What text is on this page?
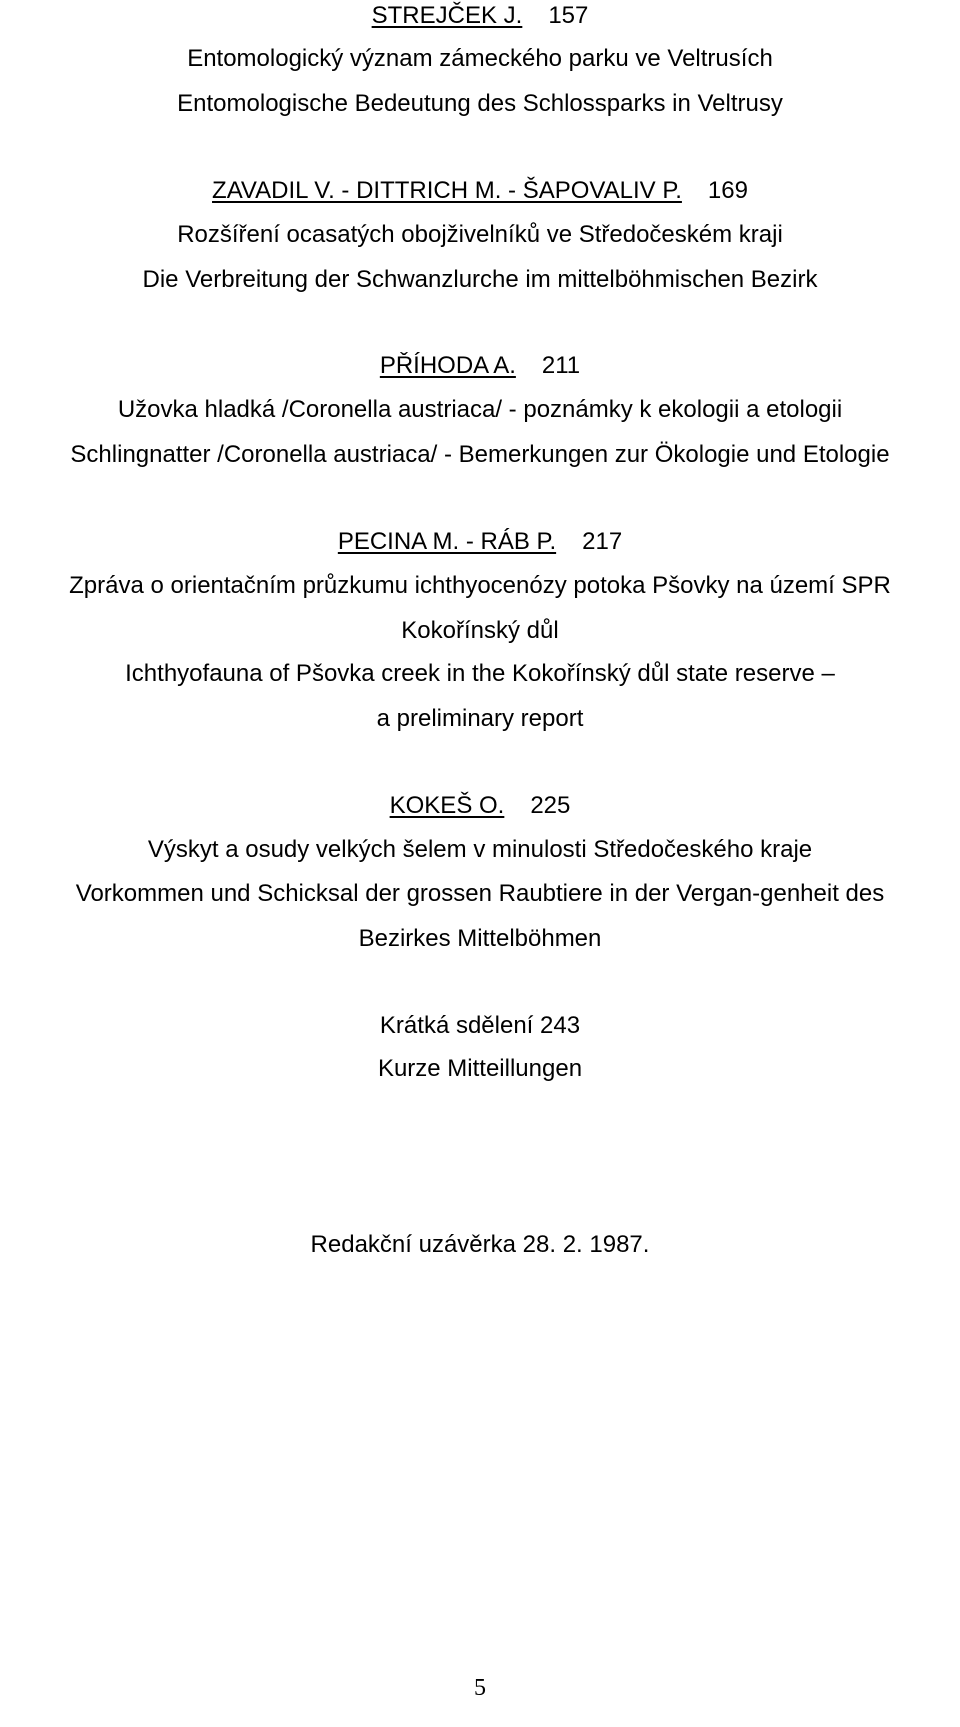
STREJČEK J. 157
Entomologický význam zámeckého parku ve Veltrusích
Entomologische Bedeutung des Schlossparks in Veltrusy
ZAVADIL V. - DITTRICH M. - ŠAPOVALIV P. 169
Rozšíření ocasatých obojživelníků ve Středočeském kraji
Die Verbreitung der Schwanzlurche im mittelböhmischen Bezirk
PŘÍHODA A. 211
Užovka hladká /Coronella austriaca/ - poznámky k ekologii a etologii
Schlingnatter /Coronella austriaca/ - Bemerkungen zur Ökologie und Etologie
PECINA M. - RÁB P. 217
Zpráva o orientačním průzkumu ichthyocenózy potoka Pšovky na území SPR
Kokořínský důl
Ichthyofauna of Pšovka creek in the Kokořínský důl state reserve –
a preliminary report
KOKEŠ O. 225
Výskyt a osudy velkých šelem v minulosti Středočeského kraje
Vorkommen und Schicksal der grossen Raubtiere in der Vergan-genheit des
Bezirkes Mittelböhmen
Krátká sdělení 243
Kurze Mitteillungen
Redakční uzávěrka 28. 2. 1987.
5
